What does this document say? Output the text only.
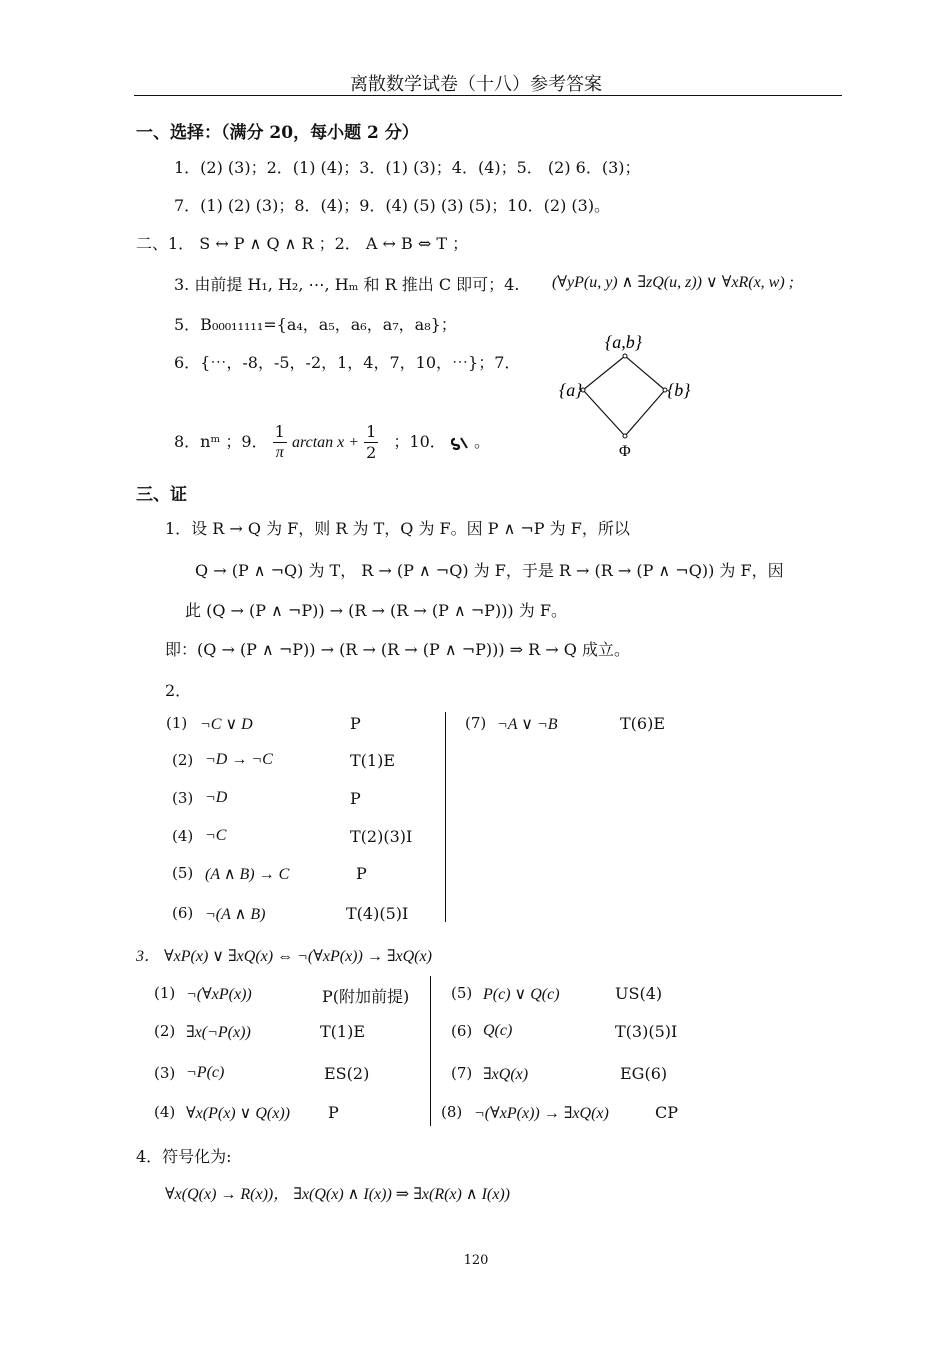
离散数学试卷（十八）参考答案
一、选择：（满分 20，每小题 2 分）
1．(2) (3)；2．(1) (4)；3．(1) (3)；4．(4)；5． (2) 6．(3)；
7．(1) (2) (3)；8．(4)；9．(4) (5) (3) (5)；10．(2) (3)。
二、1． S ↔ P ∧ Q ∧ R ；2． A ↔ B ⇔ T ；
3. 由前提 H₁, H₂, ⋯, Hₘ 和 R 推出 C 即可；4. (∀yP(u, y) ∧ ∃zQ(u, z)) ∨ ∀xR(x, w) ;
5．B₀₀₀₁₁₁₁₁={a₄，a₅，a₆，a₇，a₈}；
6．{⋯，-8，-5，-2，1，4，7，10，⋯}；7．
8．nᵐ ；9． $\frac{1}{\pi}$ $\arctan x + \frac{1}{2}$ ；10． 。
{a,b}
{a}	{b}
Φ
三、证
1．设 R → Q 为 F，则 R 为 T，Q 为 F。因 P ∧ ¬P 为 F，所以
Q → (P ∧ ¬Q) 为 T， R → (P ∧ ¬Q) 为 F，于是 R → (R → (P ∧ ¬Q)) 为 F，因
此 (Q → (P ∧ ¬P)) → (R → (R → (P ∧ ¬P))) 为 F。
即：(Q → (P ∧ ¬P)) → (R → (R → (P ∧ ¬P))) ⇒ R → Q 成立。
2．
(1) ¬C ∨ D	P
(2) ¬D → ¬C	T(1)E
(3) ¬D	P
(4) ¬C	T(2)(3)I
(5) (A ∧ B) → C	P
(6) ¬(A ∧ B)	T(4)(5)I
(7) ¬A ∨ ¬B	T(6)E
3． ∀xP(x) ∨ ∃xQ(x) ⇔ ¬(∀xP(x)) → ∃xQ(x)
(1) ¬(∀xP(x))	P(附加前提)
(2) ∃x(¬P(x))	T(1)E
(3) ¬P(c)	ES(2)
(4) ∀x(P(x) ∨ Q(x)) P
(5) P(c) ∨ Q(c)	US(4)
(6) Q(c)	T(3)(5)I
(7) ∃xQ(x)	EG(6)
(8) ¬(∀xP(x)) → ∃xQ(x)	CP
4．符号化为:
∀x(Q(x) → R(x))， ∃x(Q(x) ∧ I(x)) ⇒ ∃x(R(x) ∧ I(x))
120
